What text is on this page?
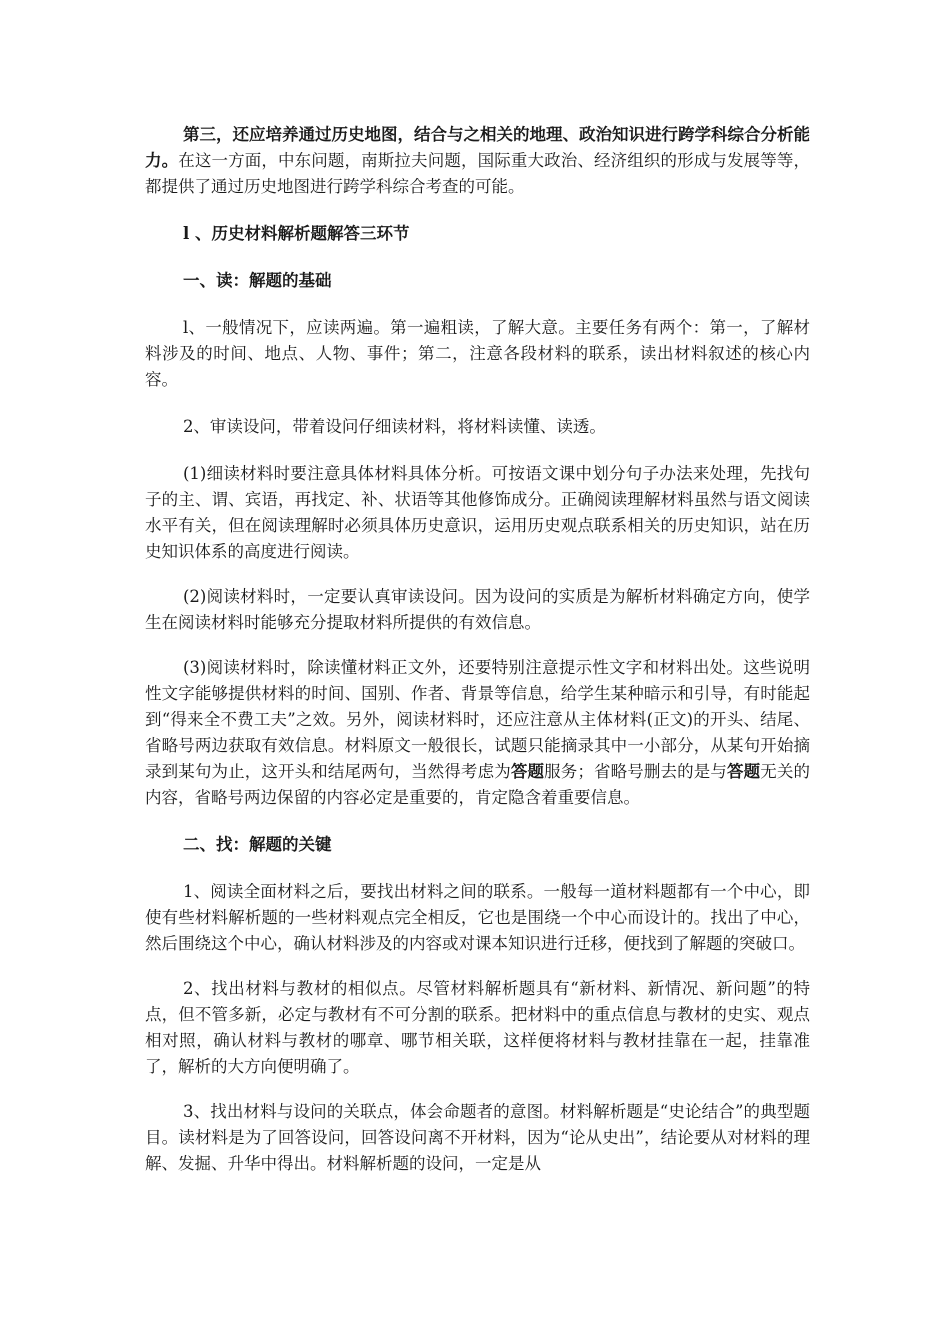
第三，还应培养通过历史地图，结合与之相关的地理、政治知识进行跨学科综合分析能力。在这一方面，中东问题，南斯拉夫问题，国际重大政治、经济组织的形成与发展等等，都提供了通过历史地图进行跨学科综合考查的可能。

l 、历史材料解析题解答三环节

一、读：解题的基础

l、一般情况下，应读两遍。第一遍粗读，了解大意。主要任务有两个：第一，了解材料涉及的时间、地点、人物、事件；第二，注意各段材料的联系，读出材料叙述的核心内容。

2、审读设问，带着设问仔细读材料，将材料读懂、读透。

(1)细读材料时要注意具体材料具体分析。可按语文课中划分句子办法来处理，先找句子的主、谓、宾语，再找定、补、状语等其他修饰成分。正确阅读理解材料虽然与语文阅读水平有关，但在阅读理解时必须具体历史意识，运用历史观点联系相关的历史知识，站在历史知识体系的高度进行阅读。

(2)阅读材料时，一定要认真审读设问。因为设问的实质是为解析材料确定方向，使学生在阅读材料时能够充分提取材料所提供的有效信息。

(3)阅读材料时，除读懂材料正文外，还要特别注意提示性文字和材料出处。这些说明性文字能够提供材料的时间、国别、作者、背景等信息，给学生某种暗示和引导，有时能起到“得来全不费工夫”之效。另外，阅读材料时，还应注意从主体材料(正文)的开头、结尾、省略号两边获取有效信息。材料原文一般很长，试题只能摘录其中一小部分，从某句开始摘录到某句为止，这开头和结尾两句，当然得考虑为答题服务；省略号删去的是与答题无关的内容，省略号两边保留的内容必定是重要的，肯定隐含着重要信息。

二、找：解题的关键

1、阅读全面材料之后，要找出材料之间的联系。一般每一道材料题都有一个中心，即使有些材料解析题的一些材料观点完全相反，它也是围绕一个中心而设计的。找出了中心，然后围绕这个中心，确认材料涉及的内容或对课本知识进行迁移，便找到了解题的突破口。

2、找出材料与教材的相似点。尽管材料解析题具有“新材料、新情况、新问题”的特点，但不管多新，必定与教材有不可分割的联系。把材料中的重点信息与教材的史实、观点相对照，确认材料与教材的哪章、哪节相关联，这样便将材料与教材挂靠在一起，挂靠准了，解析的大方向便明确了。

3、找出材料与设问的关联点，体会命题者的意图。材料解析题是“史论结合”的典型题目。读材料是为了回答设问，回答设问离不开材料，因为“论从史出”，结论要从对材料的理解、发掘、升华中得出。材料解析题的设问，一定是从
